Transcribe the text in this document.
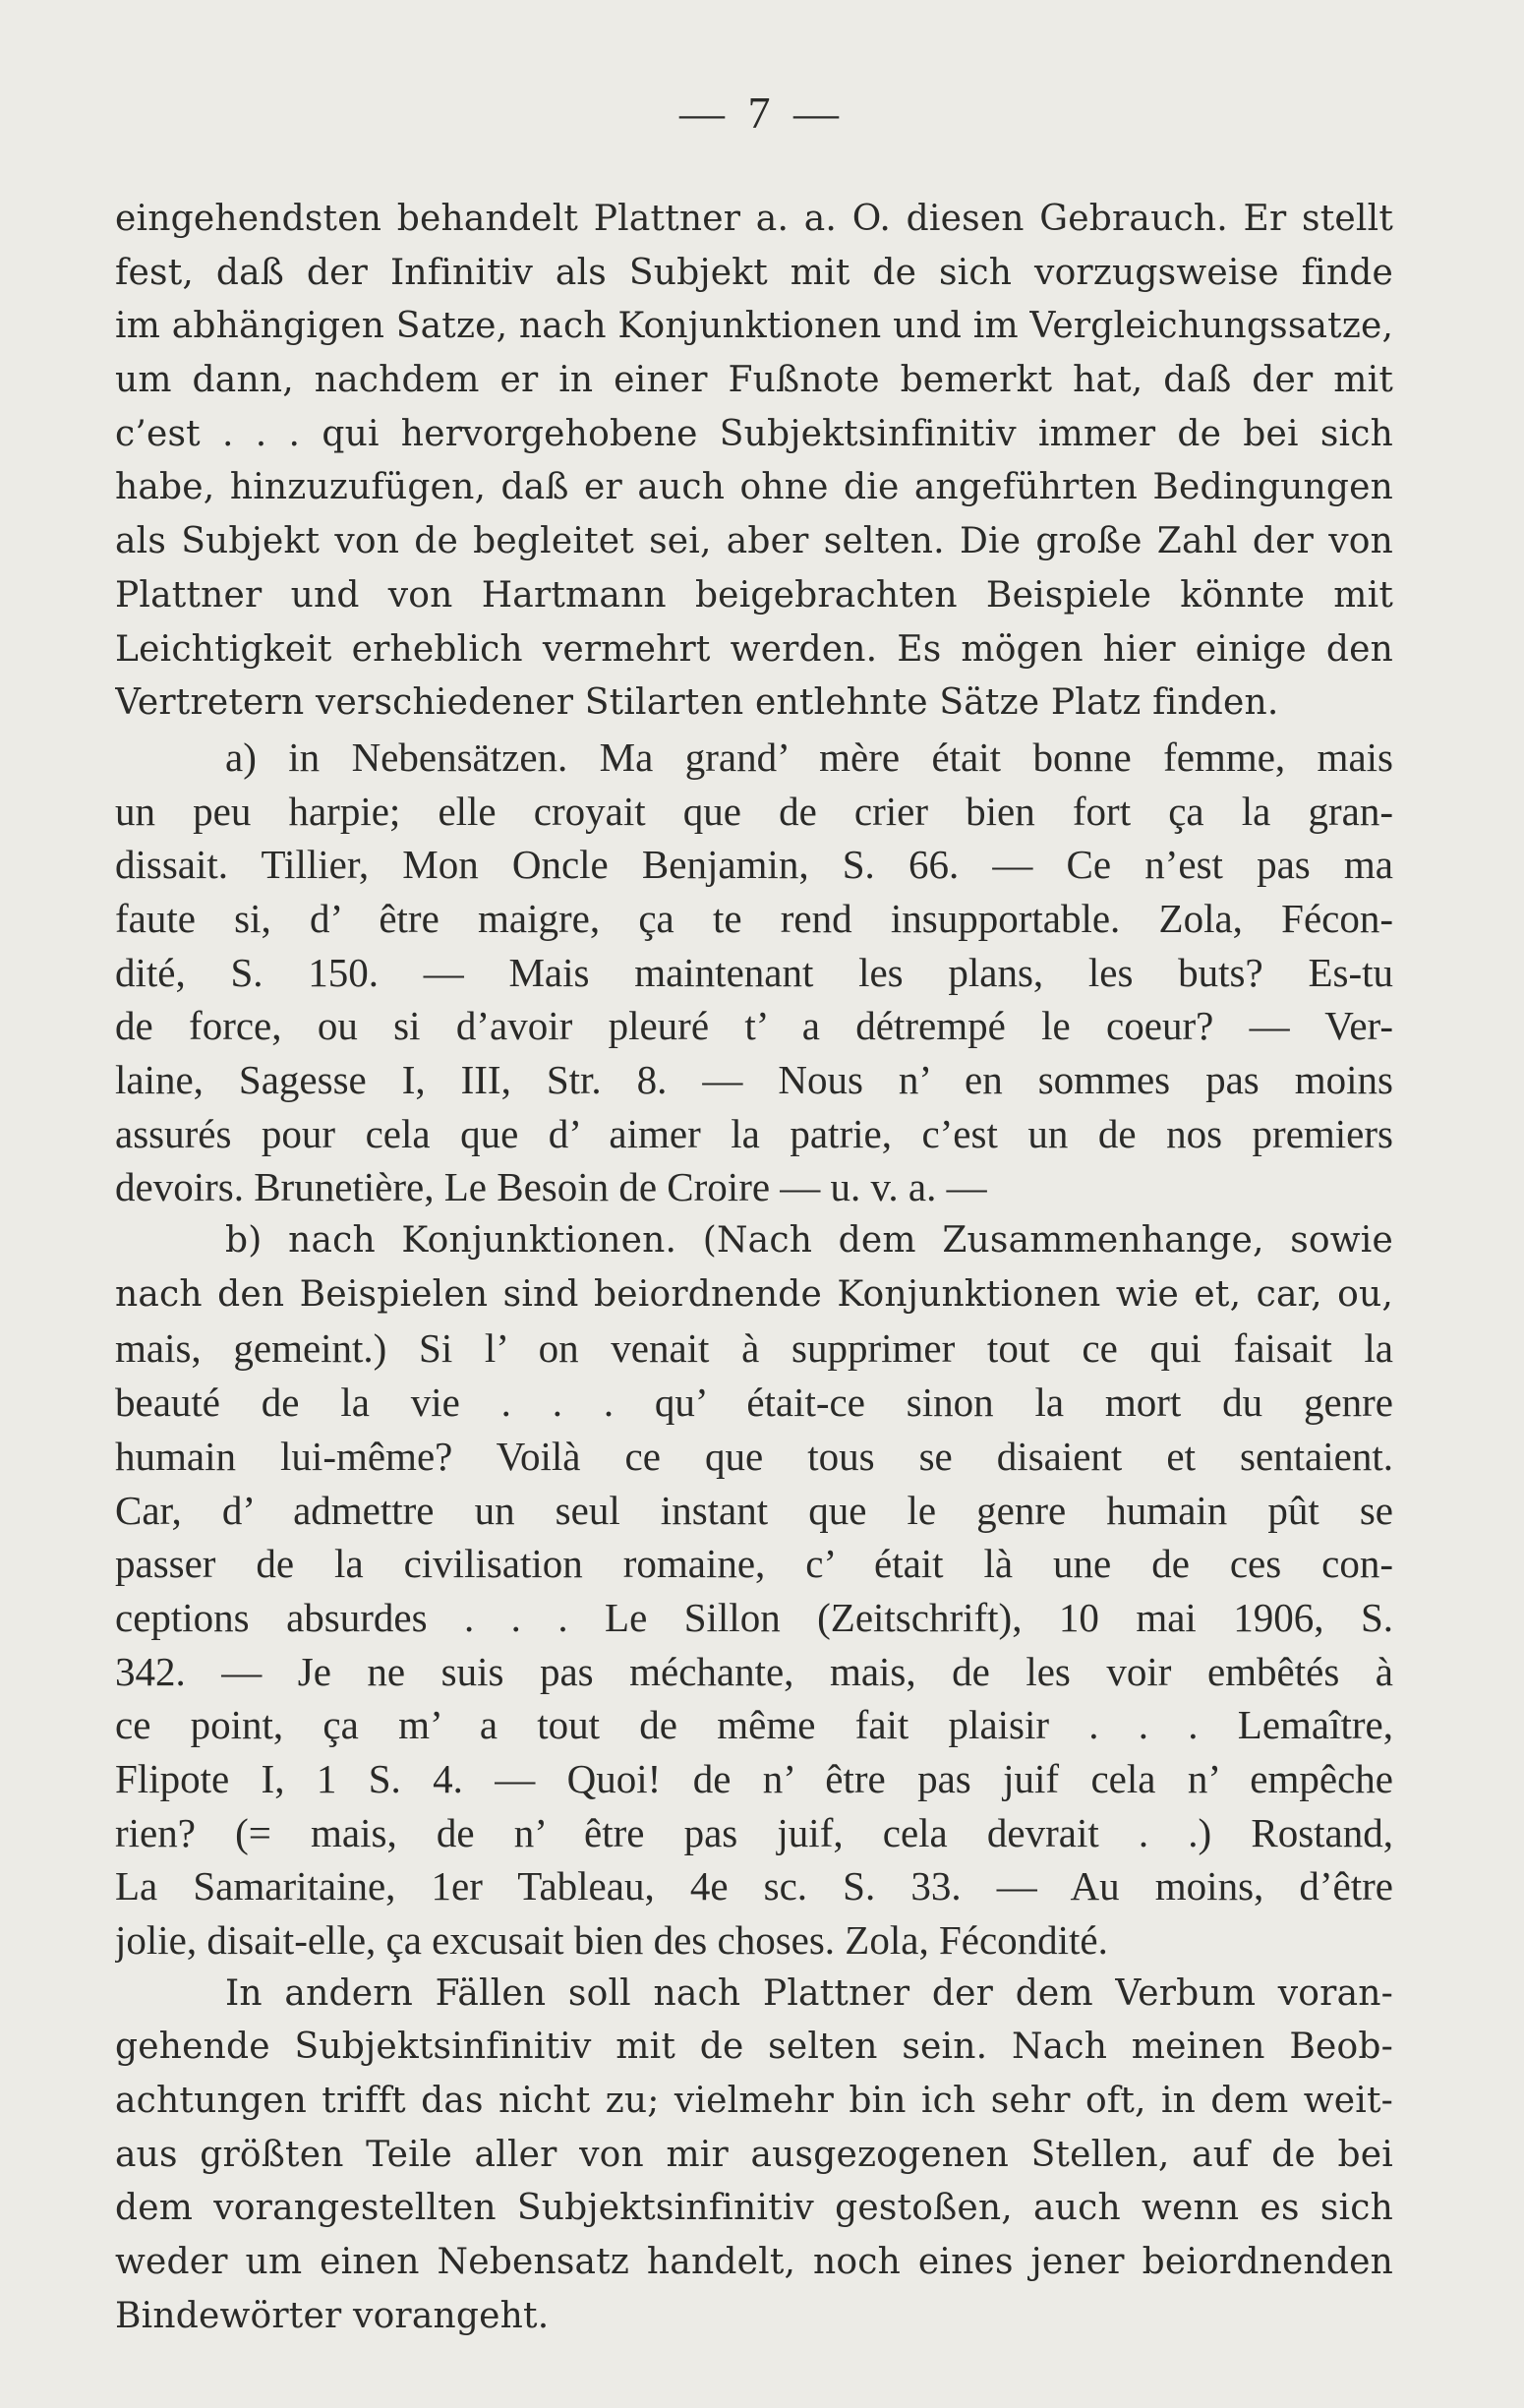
— 7 —
eingehendsten behandelt Plattner a. a. O. diesen Gebrauch. Er stellt
fest, daß der Infinitiv als Subjekt mit de sich vorzugsweise finde
im abhängigen Satze, nach Konjunktionen und im Vergleichungssatze,
um dann, nachdem er in einer Fußnote bemerkt hat, daß der mit
c’est . . . qui hervorgehobene Subjektsinfinitiv immer de bei sich
habe, hinzuzufügen, daß er auch ohne die angeführten Bedingungen
als Subjekt von de begleitet sei, aber selten. Die große Zahl der von
Plattner und von Hartmann beigebrachten Beispiele könnte mit
Leichtigkeit erheblich vermehrt werden. Es mögen hier einige den
Vertretern verschiedener Stilarten entlehnte Sätze Platz finden.
a) in Nebensätzen. Ma grand’ mère était bonne femme, mais
un peu harpie; elle croyait que de crier bien fort ça la gran-
dissait. Tillier, Mon Oncle Benjamin, S. 66. — Ce n’est pas ma
faute si, d’ être maigre, ça te rend insupportable. Zola, Fécon-
dité, S. 150. — Mais maintenant les plans, les buts? Es-tu
de force, ou si d’avoir pleuré t’ a détrempé le coeur? — Ver-
laine, Sagesse I, III, Str. 8. — Nous n’ en sommes pas moins
assurés pour cela que d’ aimer la patrie, c’est un de nos premiers
devoirs. Brunetière, Le Besoin de Croire — u. v. a. —
b) nach Konjunktionen. (Nach dem Zusammenhange, sowie
nach den Beispielen sind beiordnende Konjunktionen wie et, car, ou,
mais, gemeint.) Si l’ on venait à supprimer tout ce qui faisait la
beauté de la vie . . . qu’ était-ce sinon la mort du genre
humain lui-même? Voilà ce que tous se disaient et sentaient.
Car, d’ admettre un seul instant que le genre humain pût se
passer de la civilisation romaine, c’ était là une de ces con-
ceptions absurdes . . . Le Sillon (Zeitschrift), 10 mai 1906, S.
342. — Je ne suis pas méchante, mais, de les voir embêtés à
ce point, ça m’ a tout de même fait plaisir . . . Lemaître,
Flipote I, 1 S. 4. — Quoi! de n’ être pas juif cela n’ empêche
rien? (= mais, de n’ être pas juif, cela devrait . .) Rostand,
La Samaritaine, 1er Tableau, 4e sc. S. 33. — Au moins, d’être
jolie, disait-elle, ça excusait bien des choses. Zola, Fécondité.
In andern Fällen soll nach Plattner der dem Verbum voran-
gehende Subjektsinfinitiv mit de selten sein. Nach meinen Beob-
achtungen trifft das nicht zu; vielmehr bin ich sehr oft, in dem weit-
aus größten Teile aller von mir ausgezogenen Stellen, auf de bei
dem vorangestellten Subjektsinfinitiv gestoßen, auch wenn es sich
weder um einen Nebensatz handelt, noch eines jener beiordnenden
Bindewörter vorangeht.
